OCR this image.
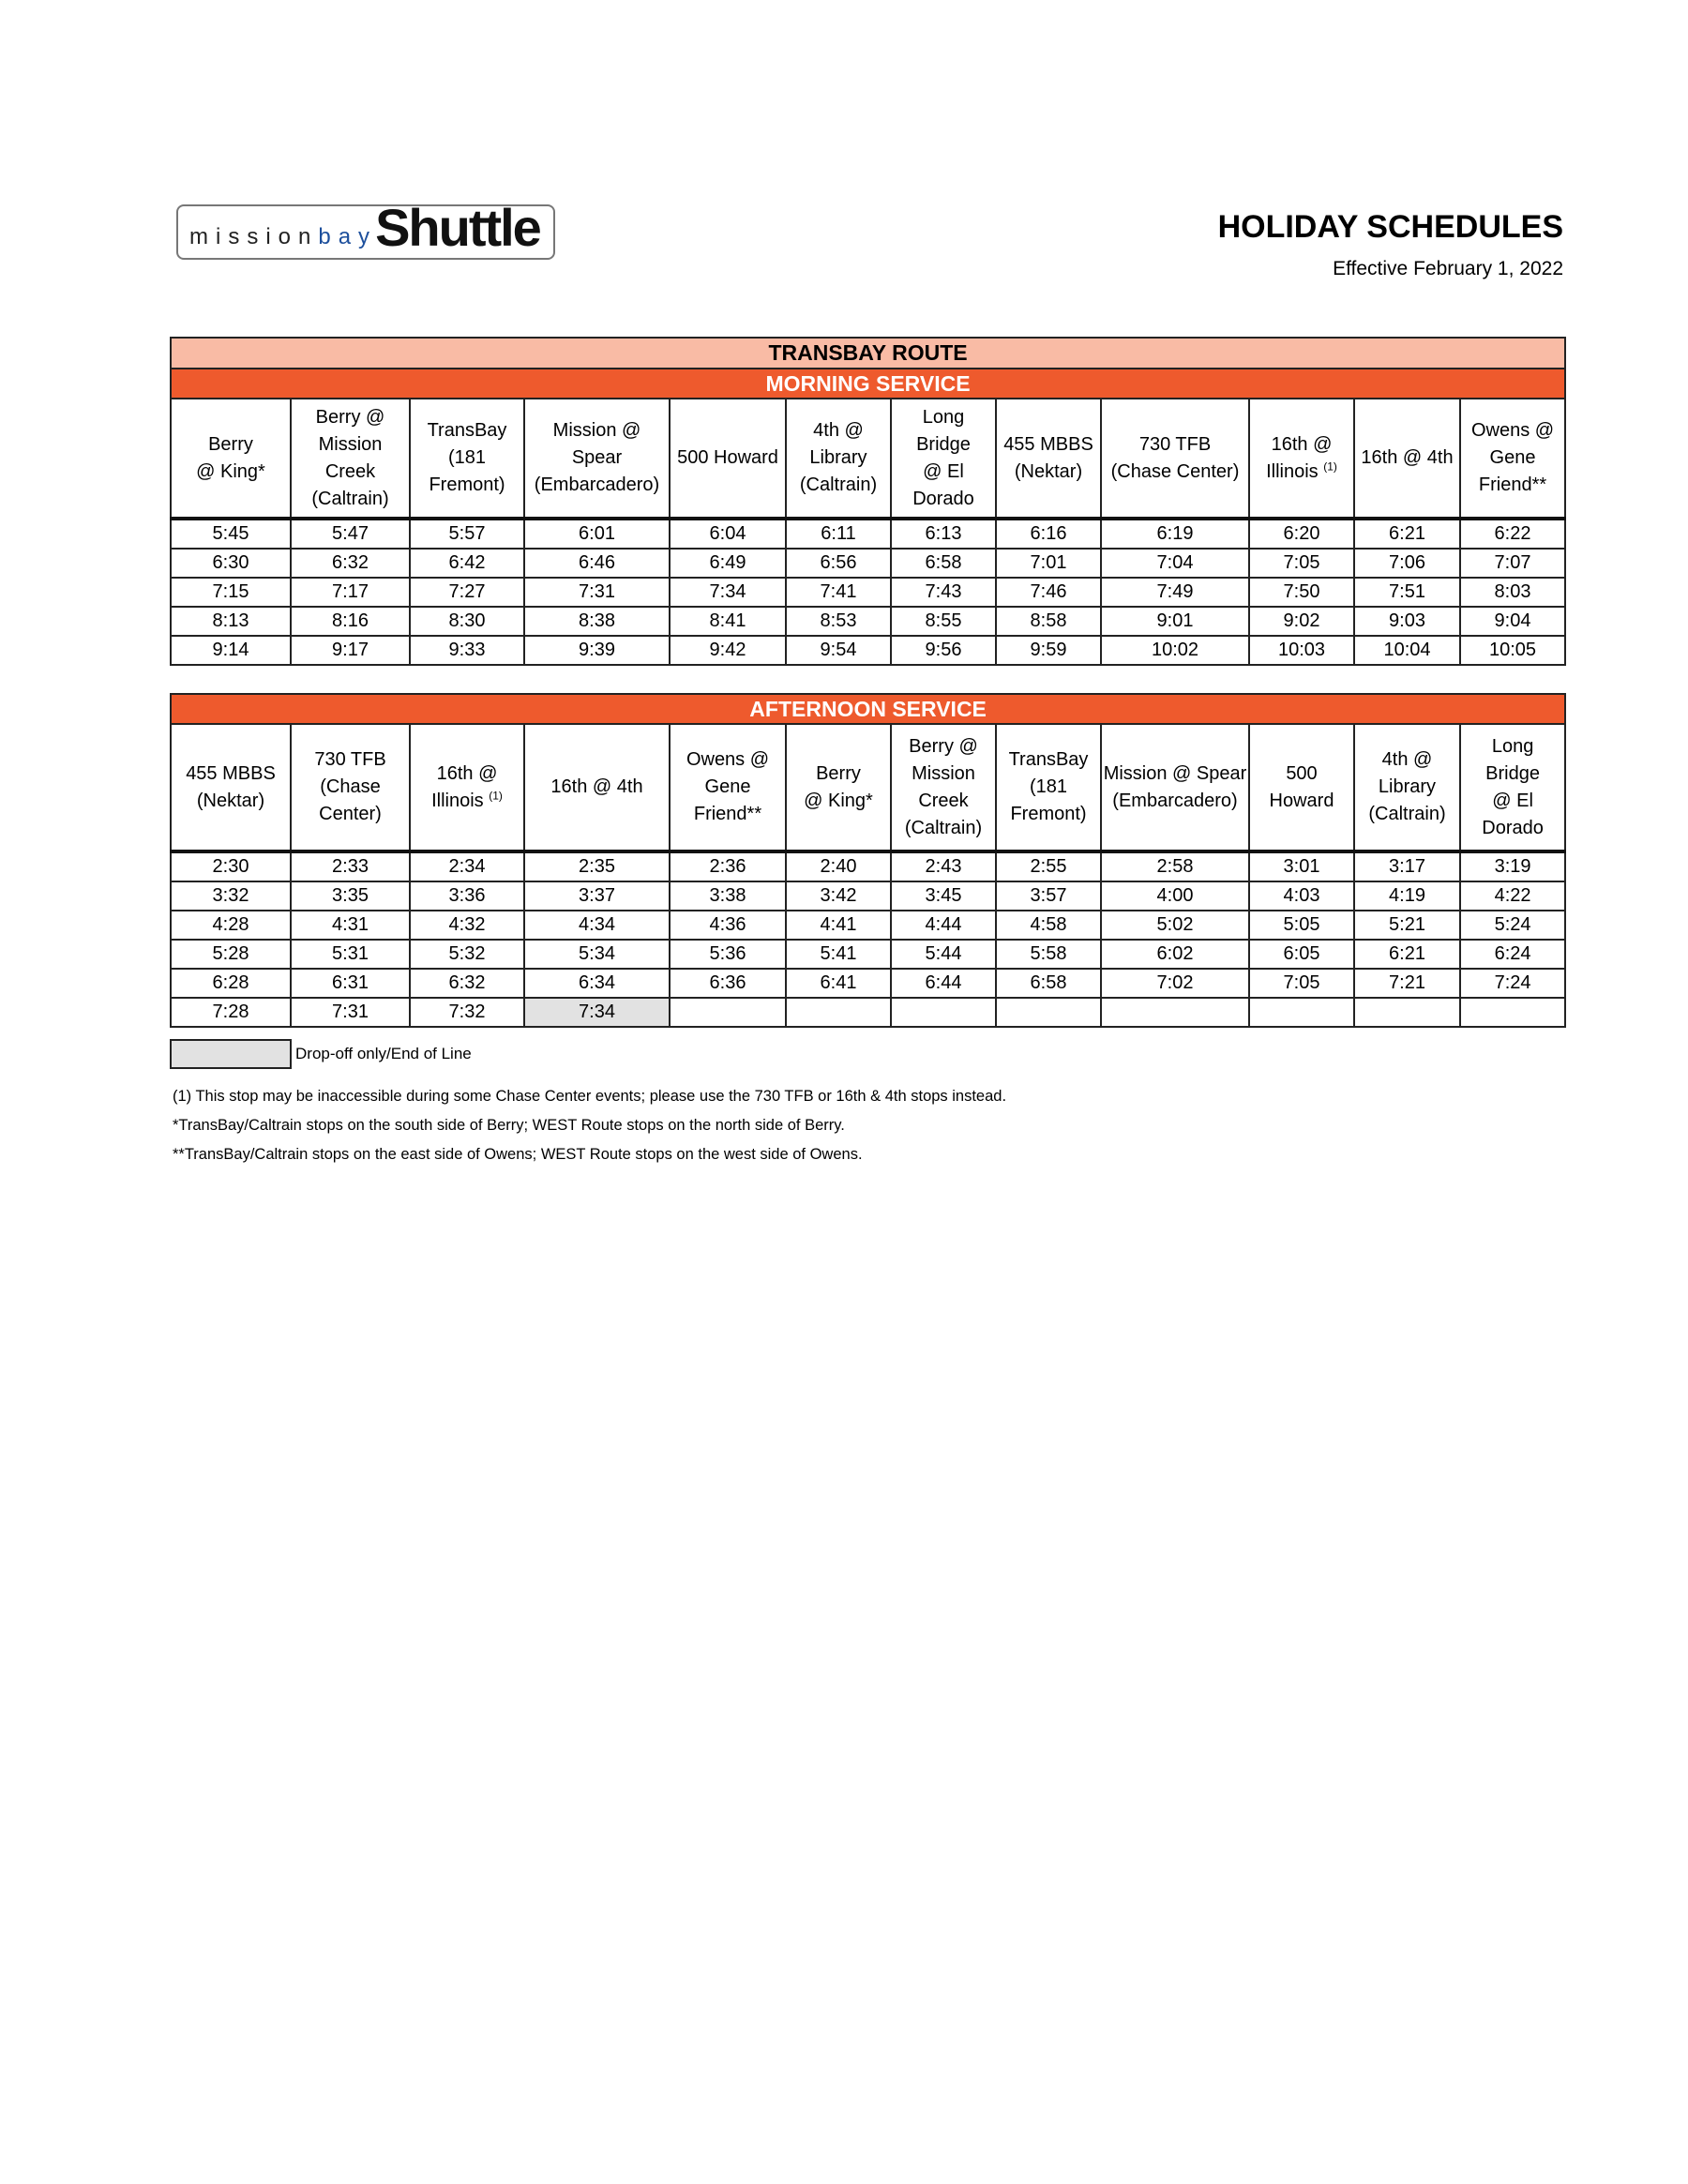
mission bay
Shuttle	HOLIDAY SCHEDULES
Effective February 1, 2022
TRANSBAY ROUTE											
MORNING SERVICE											
Berry
@ King*	Berry @
Mission
Creek
(Caltrain)	TransBay
(181
Fremont)	Mission @
Spear
(Embarcadero)	500 Howard	4th @
Library
(Caltrain)	Long
Bridge
@ El
Dorado	455 MBBS
(Nektar)	730 TFB
(Chase Center)	16th @
Illinois $^{(1)}$	16th @ 4th	Owens @
Gene
Friend**
5:45	5:47	5:57	6:01	6:04	6:11	6:13	6:16	6:19	6:20	6:21	6:22
6:30	6:32	6:42	6:46	6:49	6:56	6:58	7:01	7:04	7:05	7:06	7:07
7:15	7:17	7:27	7:31	7:34	7:41	7:43	7:46	7:49	7:50	7:51	8:03
8:13	8:16	8:30	8:38	8:41	8:53	8:55	8:58	9:01	9:02	9:03	9:04
9:14	9:17	9:33	9:39	9:42	9:54	9:56	9:59	10:02	10:03	10:04	10:05
AFTERNOON SERVICE											
455 MBBS
(Nektar)	730 TFB
(Chase
Center)	16th @
Illinois $^{(1)}$	16th @ 4th	Owens @
Gene
Friend**	Berry
@ King*	Berry @
Mission
Creek
(Caltrain)	TransBay
(181
Fremont)	Mission @ Spear
(Embarcadero)	500
Howard	4th @
Library
(Caltrain)	Long
Bridge
@ El
Dorado
2:30	2:33	2:34	2:35	2:36	2:40	2:43	2:55	2:58	3:01	3:17	3:19
3:32	3:35	3:36	3:37	3:38	3:42	3:45	3:57	4:00	4:03	4:19	4:22
4:28	4:31	4:32	4:34	4:36	4:41	4:44	4:58	5:02	5:05	5:21	5:24
5:28	5:31	5:32	5:34	5:36	5:41	5:44	5:58	6:02	6:05	6:21	6:24
6:28	6:31	6:32	6:34	6:36	6:41	6:44	6:58	7:02	7:05	7:21	7:24
7:28	7:31	7:32	7:34								
Drop-off only/End of Line
(1) This stop may be inaccessible during some Chase Center events; please use the 730 TFB or 16th & 4th stops instead.
*TransBay/Caltrain stops on the south side of Berry; WEST Route stops on the north side of Berry.
**TransBay/Caltrain stops on the east side of Owens; WEST Route stops on the west side of Owens.
